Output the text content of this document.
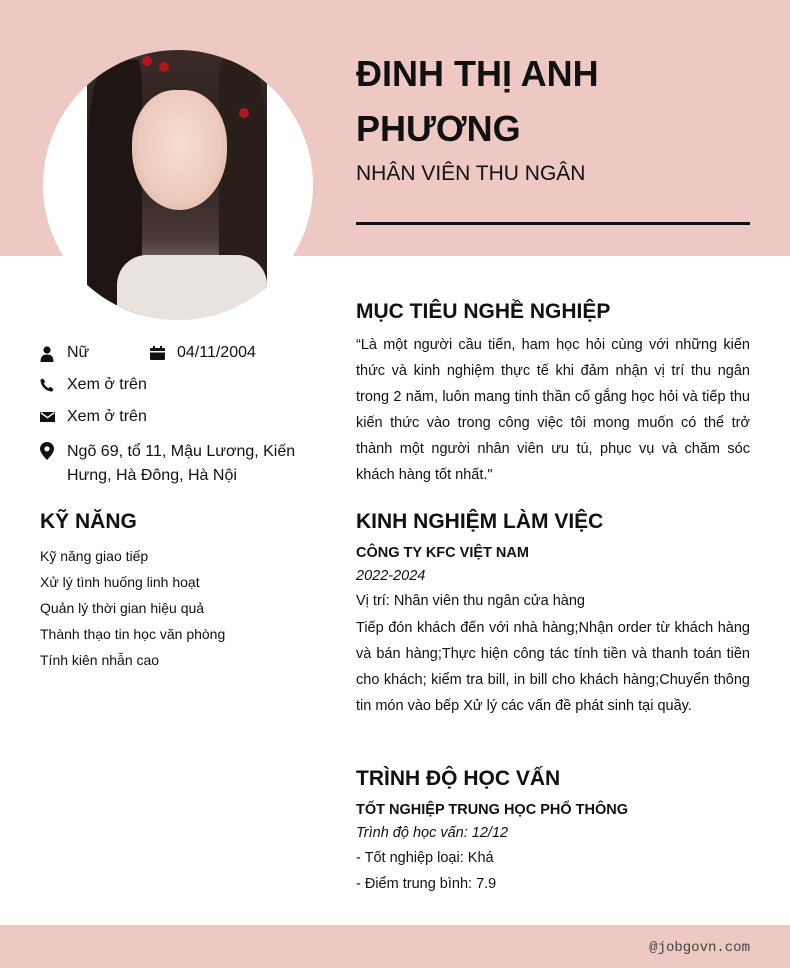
ĐINH THỊ ANH PHƯƠNG
NHÂN VIÊN THU NGÂN
Nữ	04/11/2004
Xem ở trên
Xem ở trên
Ngõ 69, tổ 11, Mậu Lương, Kiến Hưng, Hà Đông, Hà Nội
KỸ NĂNG
Kỹ năng giao tiếp
Xử lý tình huống linh hoạt
Quản lý thời gian hiệu quả
Thành thạo tin học văn phòng
Tính kiên nhẫn cao
MỤC TIÊU NGHỀ NGHIỆP
“Là một người cầu tiến, ham học hỏi cùng với những kiến thức và kinh nghiệm thực tế khi đảm nhận vị trí thu ngân trong 2 năm, luôn mang tinh thần cố gắng học hỏi và tiếp thu kiến thức vào trong công việc tôi mong muốn có thể trở thành một người nhân viên ưu tú, phục vụ và chăm sóc khách hàng tốt nhất."
KINH NGHIỆM LÀM VIỆC
CÔNG TY KFC VIỆT NAM
2022-2024
Vị trí: Nhân viên thu ngân cửa hàng
Tiếp đón khách đến với nhà hàng;Nhận order từ khách hàng và bán hàng;Thực hiện công tác tính tiền và thanh toán tiền cho khách; kiểm tra bill, in bill cho khách hàng;Chuyển thông tin món vào bếp Xử lý các vấn đề phát sinh tại quầy.
TRÌNH ĐỘ HỌC VẤN
TỐT NGHIỆP TRUNG HỌC PHỔ THÔNG
Trình độ học vấn: 12/12
- Tốt nghiệp loại: Khá
- Điểm trung bình: 7.9
@jobgovn.com
